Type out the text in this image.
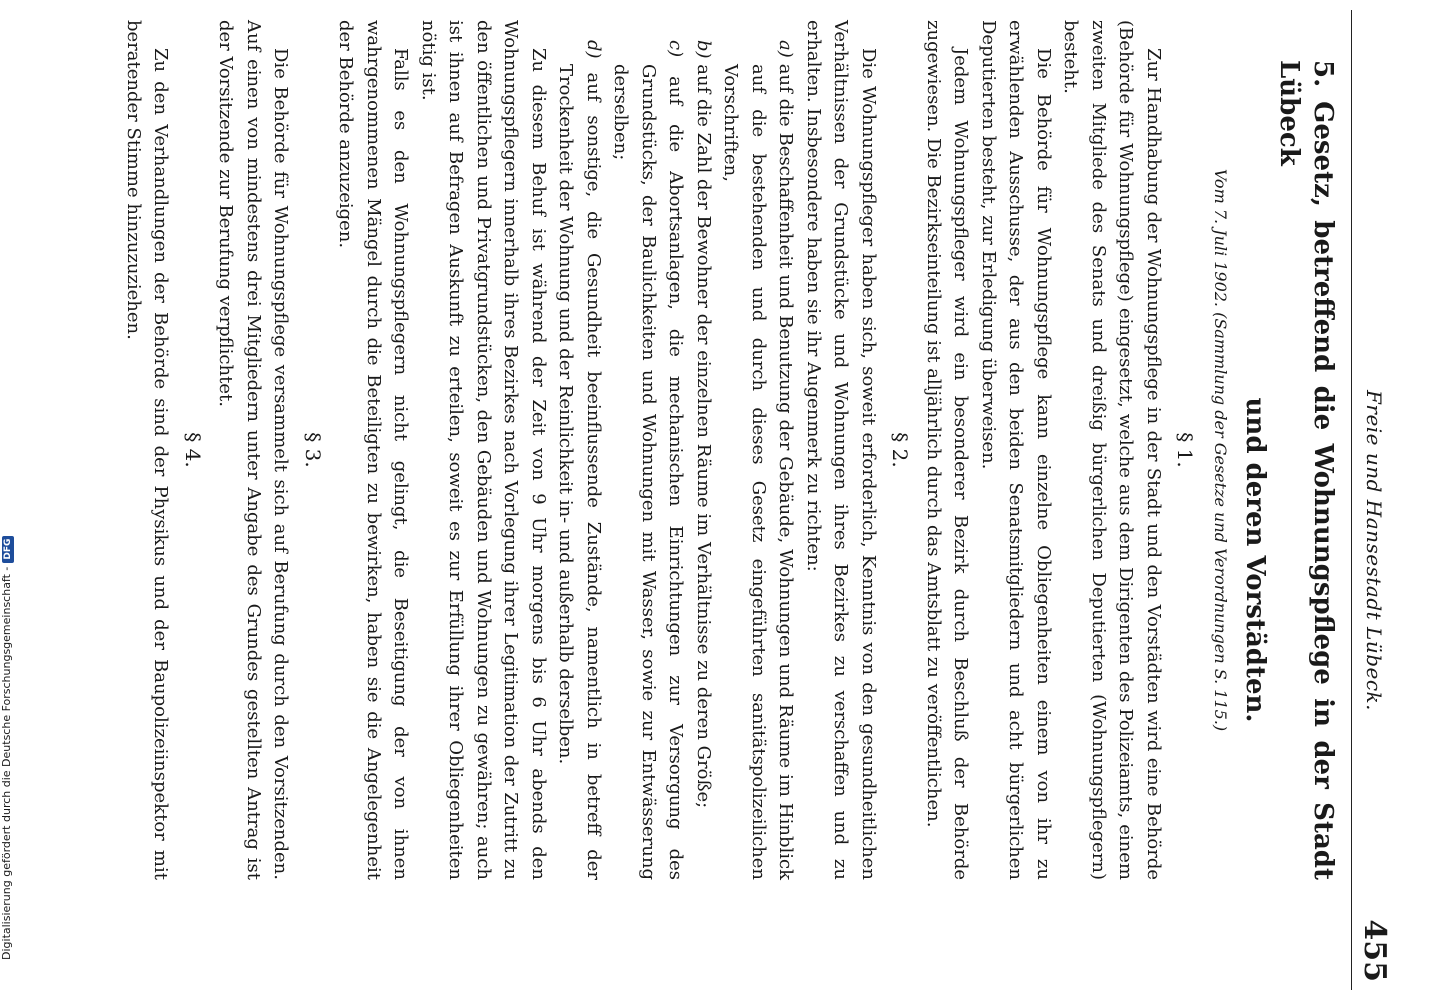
Freie und Hansestadt Lübeck.
455
5.Gesetz, betreffend die Wohnungspflege in der Stadt Lübeck
und deren Vorstädten.
Vom 7. Juli 1902. (Sammlung der Gesetze und Verordnungen S. 115.)
§ 1.

Zur Handhabung der Wohnungspflege in der Stadt und den Vorstädten wird eine Behörde (Behörde für Wohnungspflege) eingesetzt, welche aus dem Dirigenten des Polizeiamts, einem zweiten Mitgliede des Senats und dreißig bürgerlichen Deputierten (Wohnungspflegern) besteht.

Die Behörde für Wohnungspflege kann einzelne Obliegenheiten einem von ihr zu erwählenden Ausschusse, der aus den beiden Senatsmitgliedern und acht bürgerlichen Deputierten besteht, zur Erledigung überweisen.

Jedem Wohnungspfleger wird ein besonderer Bezirk durch Beschluß der Behörde zugewiesen. Die Bezirkseinteilung ist alljährlich durch das Amtsblatt zu veröffentlichen.

§ 2.

Die Wohnungspfleger haben sich, soweit erforderlich, Kenntnis von den gesundheitlichen Verhältnissen der Grundstücke und Wohnungen ihres Bezirkes zu verschaffen und zu erhalten. Insbesondere haben sie ihr Augenmerk zu richten:

a) auf die Beschaffenheit und Benutzung der Gebäude, Wohnungen und Räume im Hinblick auf die bestehenden und durch dieses Gesetz eingeführten sanitätspolizeilichen Vorschriften,
b) auf die Zahl der Bewohner der einzelnen Räume im Verhältnisse zu deren Größe;
c) auf die Abortsanlagen, die mechanischen Einrichtungen zur Versorgung des Grundstücks, der Baulichkeiten und Wohnungen mit Wasser, sowie zur Entwässerung derselben;
d) auf sonstige, die Gesundheit beeinflussende Zustände, namentlich in betreff der Trockenheit der Wohnung und der Reinlichkeit in- und außerhalb derselben.

Zu diesem Behuf ist während der Zeit von 9 Uhr morgens bis 6 Uhr abends den Wohnungspflegern innerhalb ihres Bezirkes nach Vorlegung ihrer Legitimation der Zutritt zu den öffentlichen und Privatgrundstücken, den Gebäuden und Wohnungen zu gewähren; auch ist ihnen auf Befragen Auskunft zu erteilen, soweit es zur Erfüllung ihrer Obliegenheiten nötig ist.

Falls es den Wohnungspflegern nicht gelingt, die Beseitigung der von ihnen wahrgenommenen Mängel durch die Beteiligten zu bewirken, haben sie die Angelegenheit der Behörde anzuzeigen.

§ 3.

Die Behörde für Wohnungspflege versammelt sich auf Berufung durch den Vorsitzenden. Auf einen von mindestens drei Mitgliedern unter Angabe des Grundes gestellten Antrag ist der Vorsitzende zur Berufung verpflichtet.

§ 4.

Zu den Verhandlungen der Behörde sind der Physikus und der Baupolizeiinspektor mit beratender Stimme hinzuzuziehen.

Digitalisierung gefördert durch die Deutsche Forschungsgemeinschaft -DFG
